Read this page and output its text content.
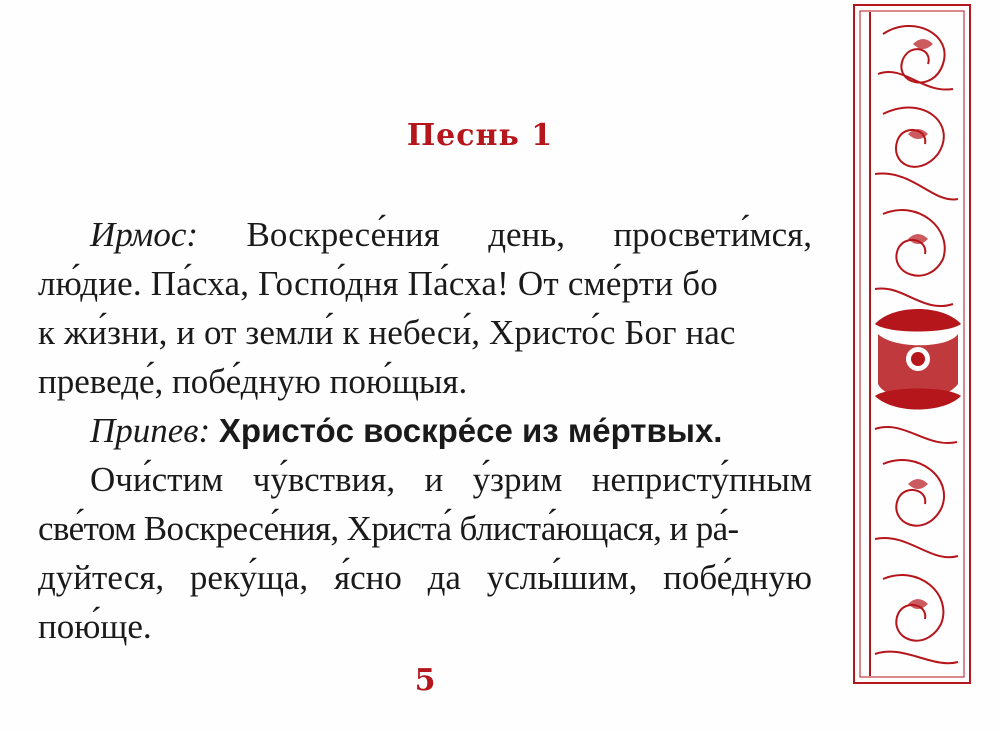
Песнь 1
Ирмос: Воскресе́ния день, просвети́мся,
лю́дие. Па́сха, Госпо́дня Па́сха! От сме́рти бо
к жи́зни, и от земли́ к небеси́, Христо́с Бог нас
преведе́, побе́дную пою́щыя.
Припев: Христо́с воскре́се из ме́ртвых.
Очи́стим чу́вствия, и у́зрим непристу́пным
све́том Воскресе́ния, Христа́ блиста́ющася, и ра́-
дуйтеся, реку́ща, я́сно да услы́шим, побе́дную
пою́ще.
5
